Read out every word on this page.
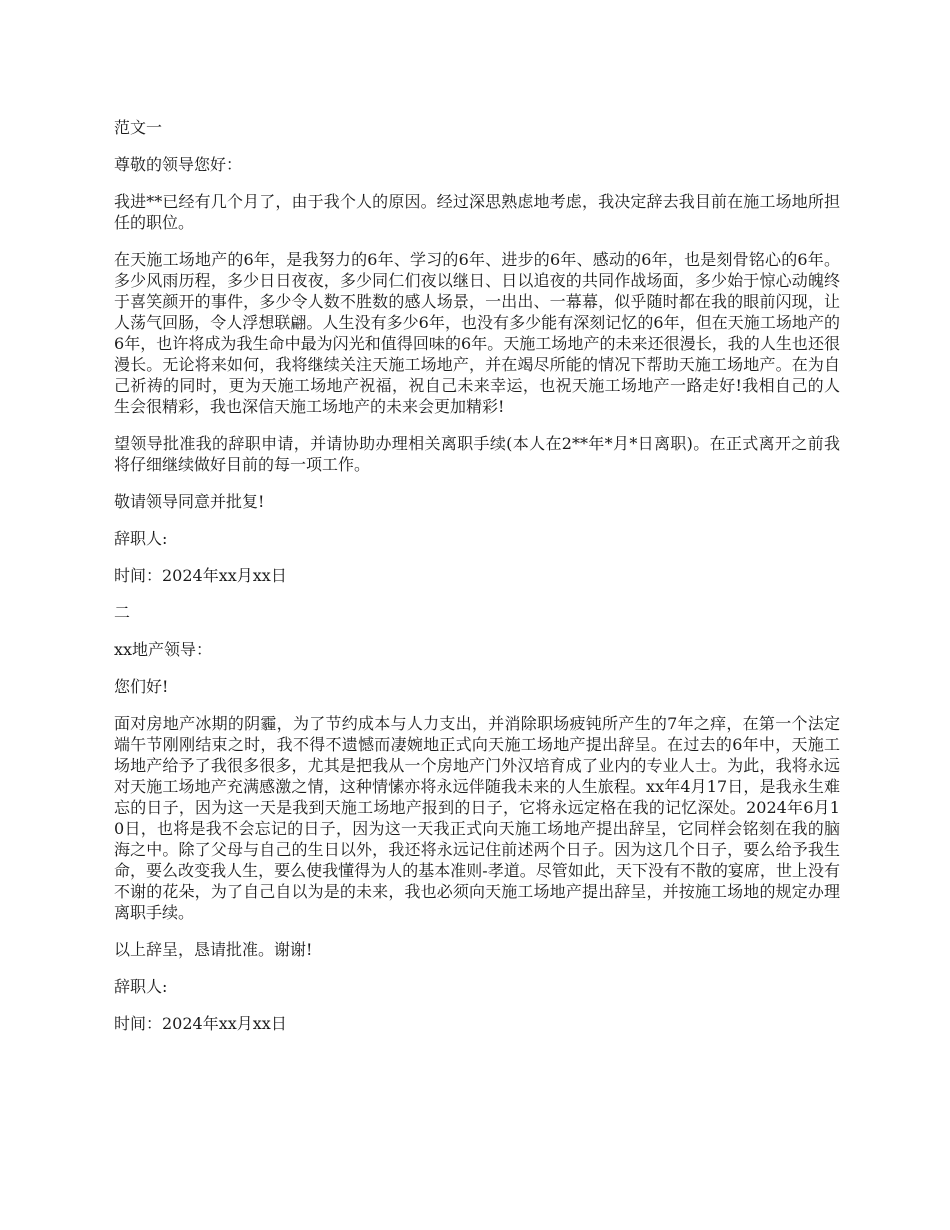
范文一

尊敬的领导您好：

我进**已经有几个月了，由于我个人的原因。经过深思熟虑地考虑，我决定辞去我目前在施工场地所担任的职位。

在天施工场地产的6年，是我努力的6年、学习的6年、进步的6年、感动的6年，也是刻骨铭心的6年。多少风雨历程，多少日日夜夜，多少同仁们夜以继日、日以追夜的共同作战场面，多少始于惊心动魄终于喜笑颜开的事件，多少令人数不胜数的感人场景，一出出、一幕幕，似乎随时都在我的眼前闪现，让人荡气回肠，令人浮想联翩。人生没有多少6年，也没有多少能有深刻记忆的6年，但在天施工场地产的6年，也许将成为我生命中最为闪光和值得回味的6年。天施工场地产的未来还很漫长，我的人生也还很漫长。无论将来如何，我将继续关注天施工场地产，并在竭尽所能的情况下帮助天施工场地产。在为自己祈祷的同时，更为天施工场地产祝福，祝自己未来幸运，也祝天施工场地产一路走好!我相自己的人生会很精彩，我也深信天施工场地产的未来会更加精彩!

望领导批准我的辞职申请，并请协助办理相关离职手续(本人在2**年*月*日离职)。在正式离开之前我将仔细继续做好目前的每一项工作。

敬请领导同意并批复!

辞职人:

时间：2024年xx月xx日

二

xx地产领导：

您们好!

面对房地产冰期的阴霾，为了节约成本与人力支出，并消除职场疲钝所产生的7年之痒，在第一个法定端午节刚刚结束之时，我不得不遗憾而凄婉地正式向天施工场地产提出辞呈。在过去的6年中，天施工场地产给予了我很多很多，尤其是把我从一个房地产门外汉培育成了业内的专业人士。为此，我将永远对天施工场地产充满感激之情，这种情愫亦将永远伴随我未来的人生旅程。xx年4月17日，是我永生难忘的日子，因为这一天是我到天施工场地产报到的日子，它将永远定格在我的记忆深处。2024年6月10日，也将是我不会忘记的日子，因为这一天我正式向天施工场地产提出辞呈，它同样会铭刻在我的脑海之中。除了父母与自己的生日以外，我还将永远记住前述两个日子。因为这几个日子，要么给予我生命，要么改变我人生，要么使我懂得为人的基本准则-孝道。尽管如此，天下没有不散的宴席，世上没有不谢的花朵，为了自己自以为是的未来，我也必须向天施工场地产提出辞呈，并按施工场地的规定办理离职手续。

以上辞呈，恳请批准。谢谢!

辞职人:

时间：2024年xx月xx日
